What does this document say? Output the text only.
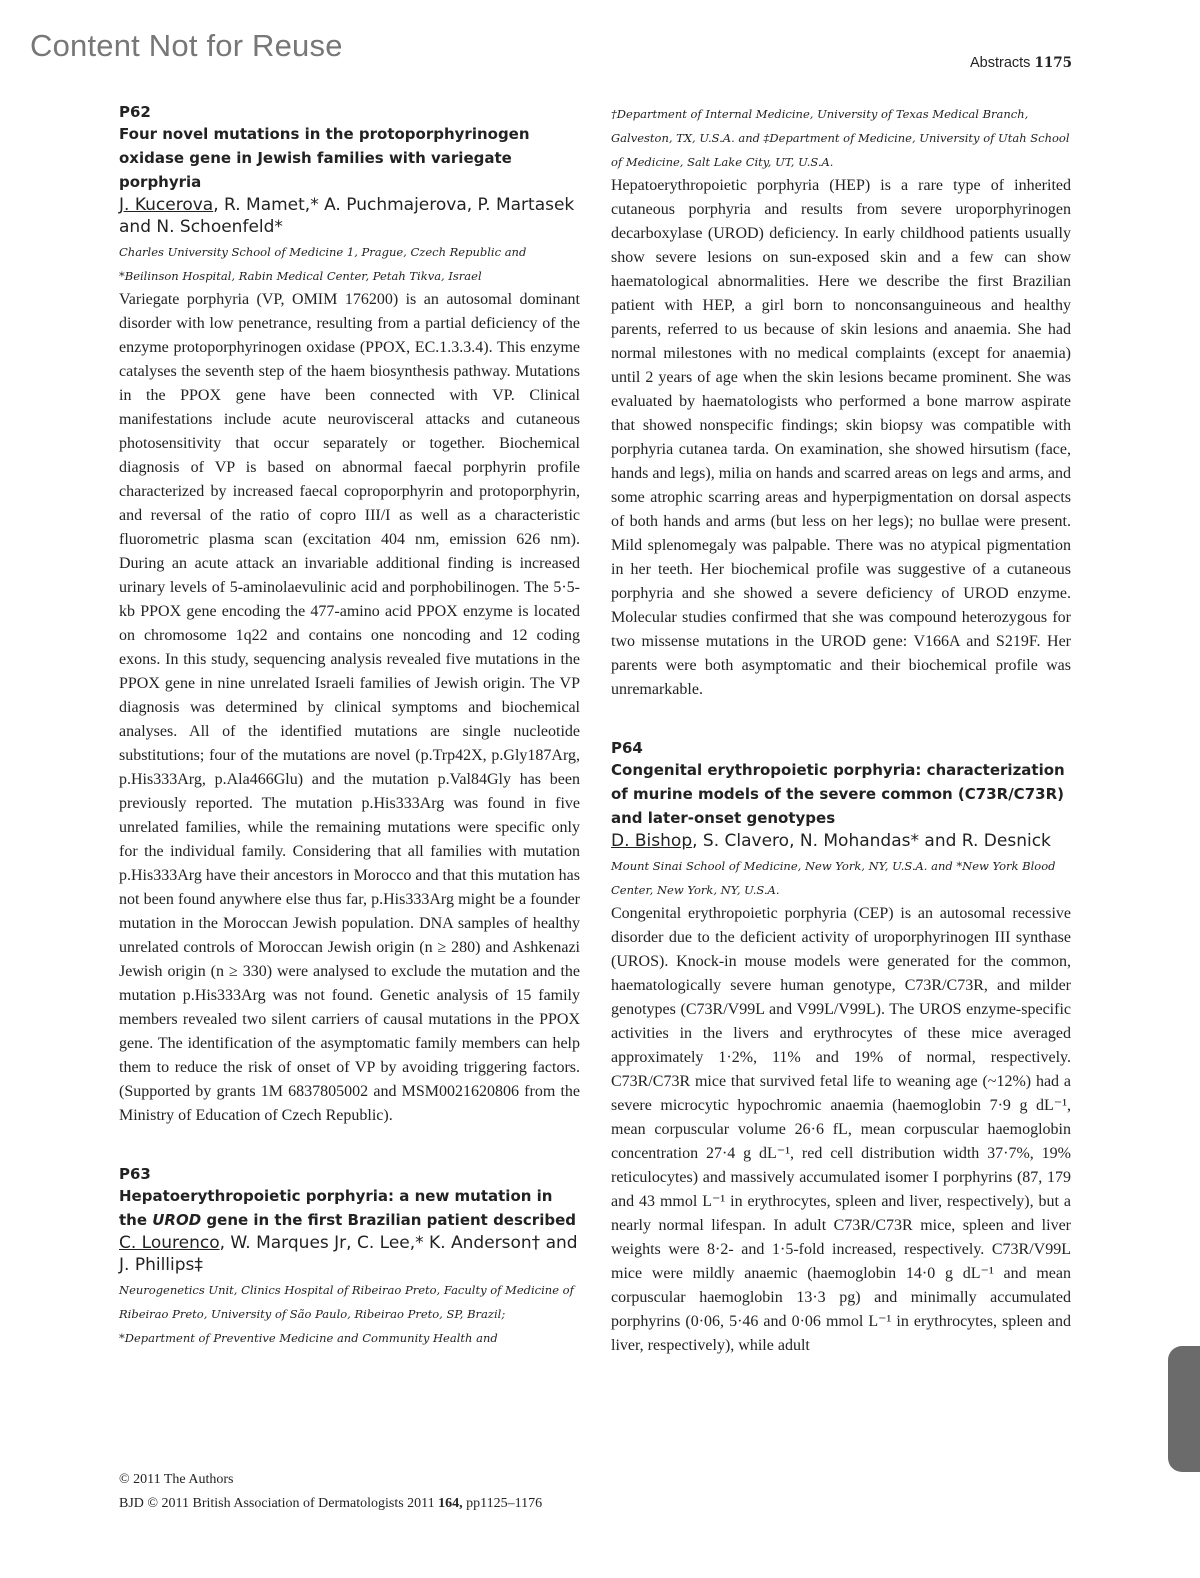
Content Not for Reuse	Abstracts 1175

P62

Four novel mutations in the protoporphyrinogen oxidase gene in Jewish families with variegate porphyria

J. Kucerova, R. Mamet,* A. Puchmajerova, P. Martasek and N. Schoenfeld*

Charles University School of Medicine 1, Prague, Czech Republic and *Beilinson Hospital, Rabin Medical Center, Petah Tikva, Israel

Variegate porphyria (VP, OMIM 176200) is an autosomal dominant disorder with low penetrance, resulting from a partial deficiency of the enzyme protoporphyrinogen oxidase (PPOX, EC.1.3.3.4). This enzyme catalyses the seventh step of the haem biosynthesis pathway. Mutations in the PPOX gene have been connected with VP. Clinical manifestations include acute neurovisceral attacks and cutaneous photosensitivity that occur separately or together. Biochemical diagnosis of VP is based on abnormal faecal porphyrin profile characterized by increased faecal coproporphyrin and protoporphyrin, and reversal of the ratio of copro III/I as well as a characteristic fluorometric plasma scan (excitation 404 nm, emission 626 nm). During an acute attack an invariable additional finding is increased urinary levels of 5-aminolaevulinic acid and porphobilinogen. The 5·5-kb PPOX gene encoding the 477-amino acid PPOX enzyme is located on chromosome 1q22 and contains one noncoding and 12 coding exons. In this study, sequencing analysis revealed five mutations in the PPOX gene in nine unrelated Israeli families of Jewish origin. The VP diagnosis was determined by clinical symptoms and biochemical analyses. All of the identified mutations are single nucleotide substitutions; four of the mutations are novel (p.Trp42X, p.Gly187Arg, p.His333Arg, p.Ala466Glu) and the mutation p.Val84Gly has been previously reported. The mutation p.His333Arg was found in five unrelated families, while the remaining mutations were specific only for the individual family. Considering that all families with mutation p.His333Arg have their ancestors in Morocco and that this mutation has not been found anywhere else thus far, p.His333Arg might be a founder mutation in the Moroccan Jewish population. DNA samples of healthy unrelated controls of Moroccan Jewish origin (n ≥ 280) and Ashkenazi Jewish origin (n ≥ 330) were analysed to exclude the mutation and the mutation p.His333Arg was not found. Genetic analysis of 15 family members revealed two silent carriers of causal mutations in the PPOX gene. The identification of the asymptomatic family members can help them to reduce the risk of onset of VP by avoiding triggering factors. (Supported by grants 1M 6837805002 and MSM0021620806 from the Ministry of Education of Czech Republic).

P63

Hepatoerythropoietic porphyria: a new mutation in the UROD gene in the first Brazilian patient described

C. Lourenco, W. Marques Jr, C. Lee,* K. Anderson† and J. Phillips‡

Neurogenetics Unit, Clinics Hospital of Ribeirao Preto, Faculty of Medicine of Ribeirao Preto, University of São Paulo, Ribeirao Preto, SP, Brazil; *Department of Preventive Medicine and Community Health and

†Department of Internal Medicine, University of Texas Medical Branch, Galveston, TX, U.S.A. and ‡Department of Medicine, University of Utah School of Medicine, Salt Lake City, UT, U.S.A.

Hepatoerythropoietic porphyria (HEP) is a rare type of inherited cutaneous porphyria and results from severe uroporphyrinogen decarboxylase (UROD) deficiency. In early childhood patients usually show severe lesions on sun-exposed skin and a few can show haematological abnormalities. Here we describe the first Brazilian patient with HEP, a girl born to nonconsanguineous and healthy parents, referred to us because of skin lesions and anaemia. She had normal milestones with no medical complaints (except for anaemia) until 2 years of age when the skin lesions became prominent. She was evaluated by haematologists who performed a bone marrow aspirate that showed nonspecific findings; skin biopsy was compatible with porphyria cutanea tarda. On examination, she showed hirsutism (face, hands and legs), milia on hands and scarred areas on legs and arms, and some atrophic scarring areas and hyperpigmentation on dorsal aspects of both hands and arms (but less on her legs); no bullae were present. Mild splenomegaly was palpable. There was no atypical pigmentation in her teeth. Her biochemical profile was suggestive of a cutaneous porphyria and she showed a severe deficiency of UROD enzyme. Molecular studies confirmed that she was compound heterozygous for two missense mutations in the UROD gene: V166A and S219F. Her parents were both asymptomatic and their biochemical profile was unremarkable.

P64

Congenital erythropoietic porphyria: characterization of murine models of the severe common (C73R/C73R) and later-onset genotypes

D. Bishop, S. Clavero, N. Mohandas* and R. Desnick

Mount Sinai School of Medicine, New York, NY, U.S.A. and *New York Blood Center, New York, NY, U.S.A.

Congenital erythropoietic porphyria (CEP) is an autosomal recessive disorder due to the deficient activity of uroporphyrinogen III synthase (UROS). Knock-in mouse models were generated for the common, haematologically severe human genotype, C73R/C73R, and milder genotypes (C73R/V99L and V99L/V99L). The UROS enzyme-specific activities in the livers and erythrocytes of these mice averaged approximately 1·2%, 11% and 19% of normal, respectively. C73R/C73R mice that survived fetal life to weaning age (~12%) had a severe microcytic hypochromic anaemia (haemoglobin 7·9 g dL⁻¹, mean corpuscular volume 26·6 fL, mean corpuscular haemoglobin concentration 27·4 g dL⁻¹, red cell distribution width 37·7%, 19% reticulocytes) and massively accumulated isomer I porphyrins (87, 179 and 43 mmol L⁻¹ in erythrocytes, spleen and liver, respectively), but a nearly normal lifespan. In adult C73R/C73R mice, spleen and liver weights were 8·2- and 1·5-fold increased, respectively. C73R/V99L mice were mildly anaemic (haemoglobin 14·0 g dL⁻¹ and mean corpuscular haemoglobin 13·3 pg) and minimally accumulated porphyrins (0·06, 5·46 and 0·06 mmol L⁻¹ in erythrocytes, spleen and liver, respectively), while adult

© 2011 The Authors
BJD © 2011 British Association of Dermatologists 2011 164, pp1125–1176
